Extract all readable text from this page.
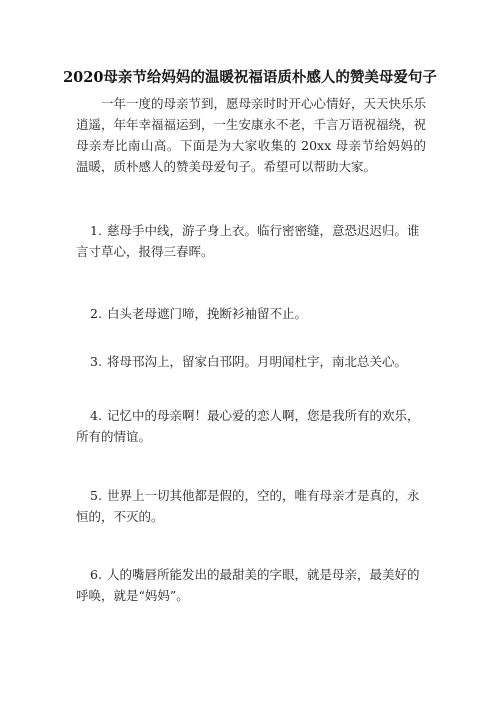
2020母亲节给妈妈的温暖祝福语质朴感人的赞美母爱句子

一年一度的母亲节到，愿母亲时时开心心情好，天天快乐乐逍遥，年年幸福福运到，一生安康永不老，千言万语祝福绕，祝母亲寿比南山高。下面是为大家收集的 20xx 母亲节给妈妈的温暖，质朴感人的赞美母爱句子。希望可以帮助大家。

1. 慈母手中线，游子身上衣。临行密密缝，意恐迟迟归。谁言寸草心，报得三春晖。
2. 白头老母遮门啼，挽断衫袖留不止。
3. 将母邗沟上，留家白邗阴。月明闻杜宇，南北总关心。
4. 记忆中的母亲啊！最心爱的恋人啊，您是我所有的欢乐，所有的情谊。
5. 世界上一切其他都是假的，空的，唯有母亲才是真的，永恒的，不灭的。
6. 人的嘴唇所能发出的最甜美的字眼，就是母亲，最美好的呼唤，就是“妈妈”。
